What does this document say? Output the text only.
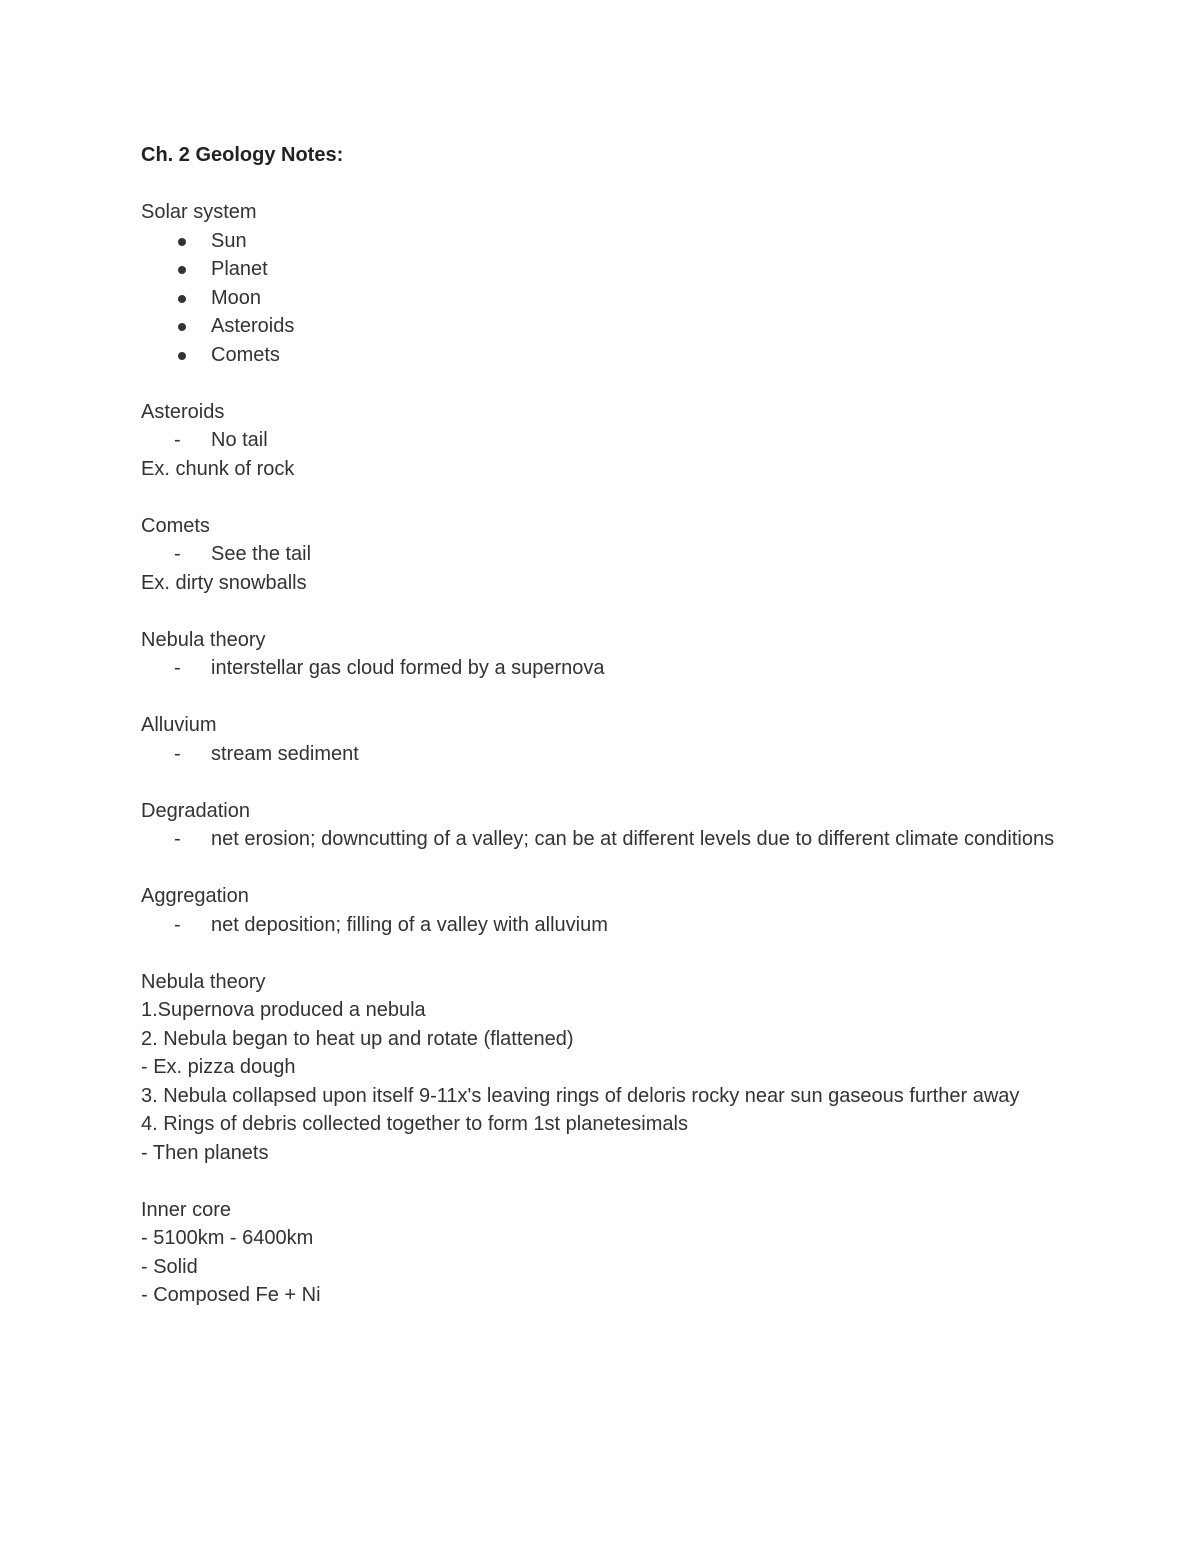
Ch. 2 Geology Notes:
Solar system
Sun
Planet
Moon
Asteroids
Comets
Asteroids
- No tail
Ex. chunk of rock
Comets
- See the tail
Ex. dirty snowballs
Nebula theory
- interstellar gas cloud formed by a supernova
Alluvium
- stream sediment
Degradation
- net erosion; downcutting of a valley; can be at different levels due to different climate conditions
Aggregation
- net deposition; filling of a valley with alluvium
Nebula theory
1.Supernova produced a nebula
2. Nebula began to heat up and rotate (flattened)
- Ex. pizza dough
3. Nebula collapsed upon itself 9-11x's leaving rings of deloris rocky near sun gaseous further away
4. Rings of debris collected together to form 1st planetesimals
- Then planets
Inner core
- 5100km - 6400km
- Solid
- Composed Fe + Ni
